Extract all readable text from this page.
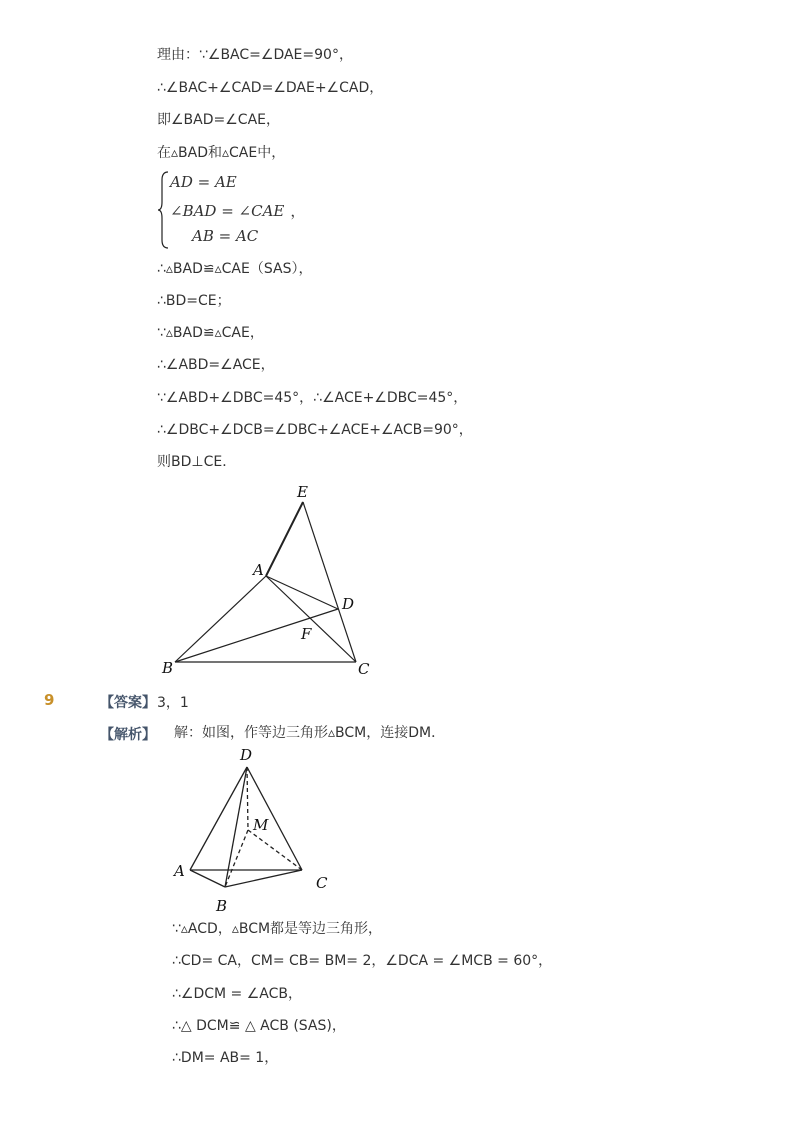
理由：∵∠BAC=∠DAE=90°，
∴∠BAC+∠CAD=∠DAE+∠CAD，
即∠BAD=∠CAE，
在▵BAD和▵CAE中，
AD = AE
∠BAD = ∠CAE ，
AB = AC
∴▵BAD≌▵CAE（SAS），
∴BD=CE；
∵▵BAD≌▵CAE，
∴∠ABD=∠ACE，
∵∠ABD+∠DBC=45°，∴∠ACE+∠DBC=45°，
∴∠DBC+∠DCB=∠DBC+∠ACE+∠ACB=90°，
则BD⊥CE．
E
A
D
F
B	C
D
M
A
C
B
9	【答案】 3，1
【解析】 解：如图，作等边三角形▵BCM，连接DM．
∵▵ACD，▵BCM都是等边三角形，
∴CD= CA，CM= CB= BM= 2，∠DCA = ∠MCB = 60°，
∴∠DCM = ∠ACB，
∴△ DCM≌ △ ACB (SAS)，
∴DM= AB= 1，
